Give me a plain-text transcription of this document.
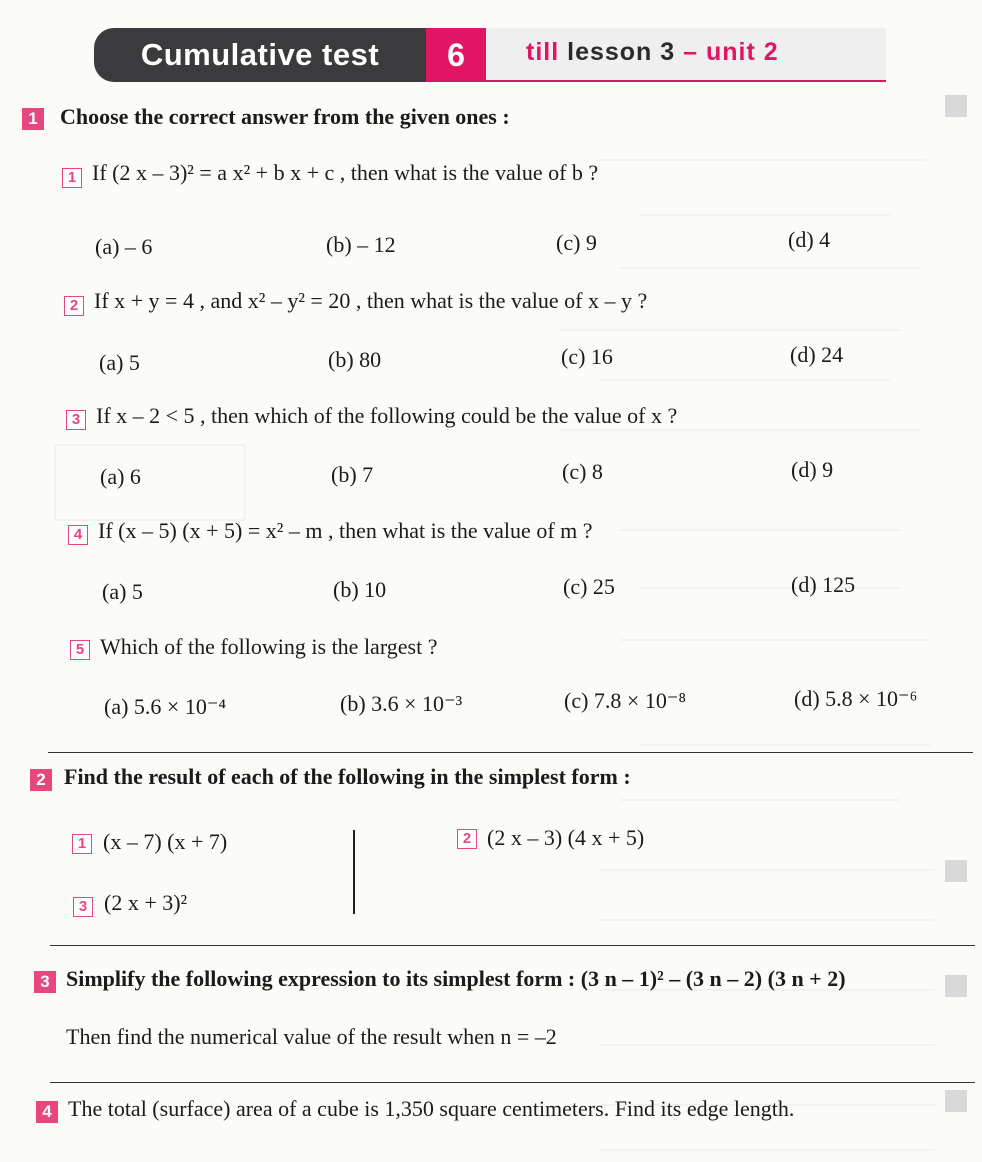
Cumulative test	6	till lesson 3 – unit 2
1 Choose the correct answer from the given ones :
1 If (2 x – 3)² = a x² + b x + c , then what is the value of b ?
(a) – 6	(b) – 12	(c) 9	(d) 4
2 If x + y = 4 , and x² – y² = 20 , then what is the value of x – y ?
(a) 5	(b) 80	(c) 16	(d) 24
3 If x – 2 < 5 , then which of the following could be the value of x ?
(a) 6	(b) 7	(c) 8	(d) 9
4 If (x – 5) (x + 5) = x² – m , then what is the value of m ?
(a) 5	(b) 10	(c) 25	(d) 125
5 Which of the following is the largest ?
(a) 5.6 × 10⁻⁴	(b) 3.6 × 10⁻³	(c) 7.8 × 10⁻⁸	(d) 5.8 × 10⁻⁶
2 Find the result of each of the following in the simplest form :
1 (x – 7) (x + 7)	2 (2 x – 3) (4 x + 5)
3 (2 x + 3)²
3 Simplify the following expression to its simplest form : (3 n – 1)² – (3 n – 2) (3 n + 2)
Then find the numerical value of the result when n = –2
4 The total (surface) area of a cube is 1,350 square centimeters. Find its edge length.
